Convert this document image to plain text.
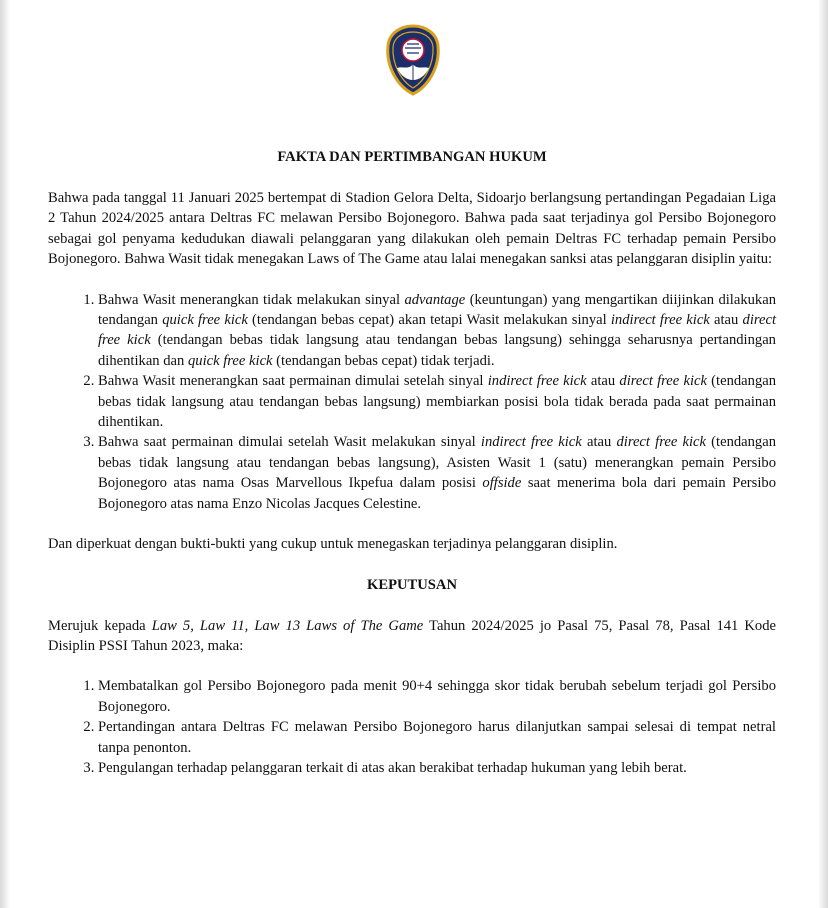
FAKTA DAN PERTIMBANGAN HUKUM

Bahwa pada tanggal 11 Januari 2025 bertempat di Stadion Gelora Delta, Sidoarjo berlangsung pertandingan Pegadaian Liga 2 Tahun 2024/2025 antara Deltras FC melawan Persibo Bojonegoro. Bahwa pada saat terjadinya gol Persibo Bojonegoro sebagai gol penyama kedudukan diawali pelanggaran yang dilakukan oleh pemain Deltras FC terhadap pemain Persibo Bojonegoro. Bahwa Wasit tidak menegakan Laws of The Game atau lalai menegakan sanksi atas pelanggaran disiplin yaitu:

1. Bahwa Wasit menerangkan tidak melakukan sinyal advantage (keuntungan) yang mengartikan diijinkan dilakukan tendangan quick free kick (tendangan bebas cepat) akan tetapi Wasit melakukan sinyal indirect free kick atau direct free kick (tendangan bebas tidak langsung atau tendangan bebas langsung) sehingga seharusnya pertandingan dihentikan dan quick free kick (tendangan bebas cepat) tidak terjadi.
2. Bahwa Wasit menerangkan saat permainan dimulai setelah sinyal indirect free kick atau direct free kick (tendangan bebas tidak langsung atau tendangan bebas langsung) membiarkan posisi bola tidak berada pada saat permainan dihentikan.
3. Bahwa saat permainan dimulai setelah Wasit melakukan sinyal indirect free kick atau direct free kick (tendangan bebas tidak langsung atau tendangan bebas langsung), Asisten Wasit 1 (satu) menerangkan pemain Persibo Bojonegoro atas nama Osas Marvellous Ikpefua dalam posisi offside saat menerima bola dari pemain Persibo Bojonegoro atas nama Enzo Nicolas Jacques Celestine.

Dan diperkuat dengan bukti-bukti yang cukup untuk menegaskan terjadinya pelanggaran disiplin.

KEPUTUSAN

Merujuk kepada Law 5, Law 11, Law 13 Laws of The Game Tahun 2024/2025 jo Pasal 75, Pasal 78, Pasal 141 Kode Disiplin PSSI Tahun 2023, maka:

1. Membatalkan gol Persibo Bojonegoro pada menit 90+4 sehingga skor tidak berubah sebelum terjadi gol Persibo Bojonegoro.
2. Pertandingan antara Deltras FC melawan Persibo Bojonegoro harus dilanjutkan sampai selesai di tempat netral tanpa penonton.
3. Pengulangan terhadap pelanggaran terkait di atas akan berakibat terhadap hukuman yang lebih berat.
